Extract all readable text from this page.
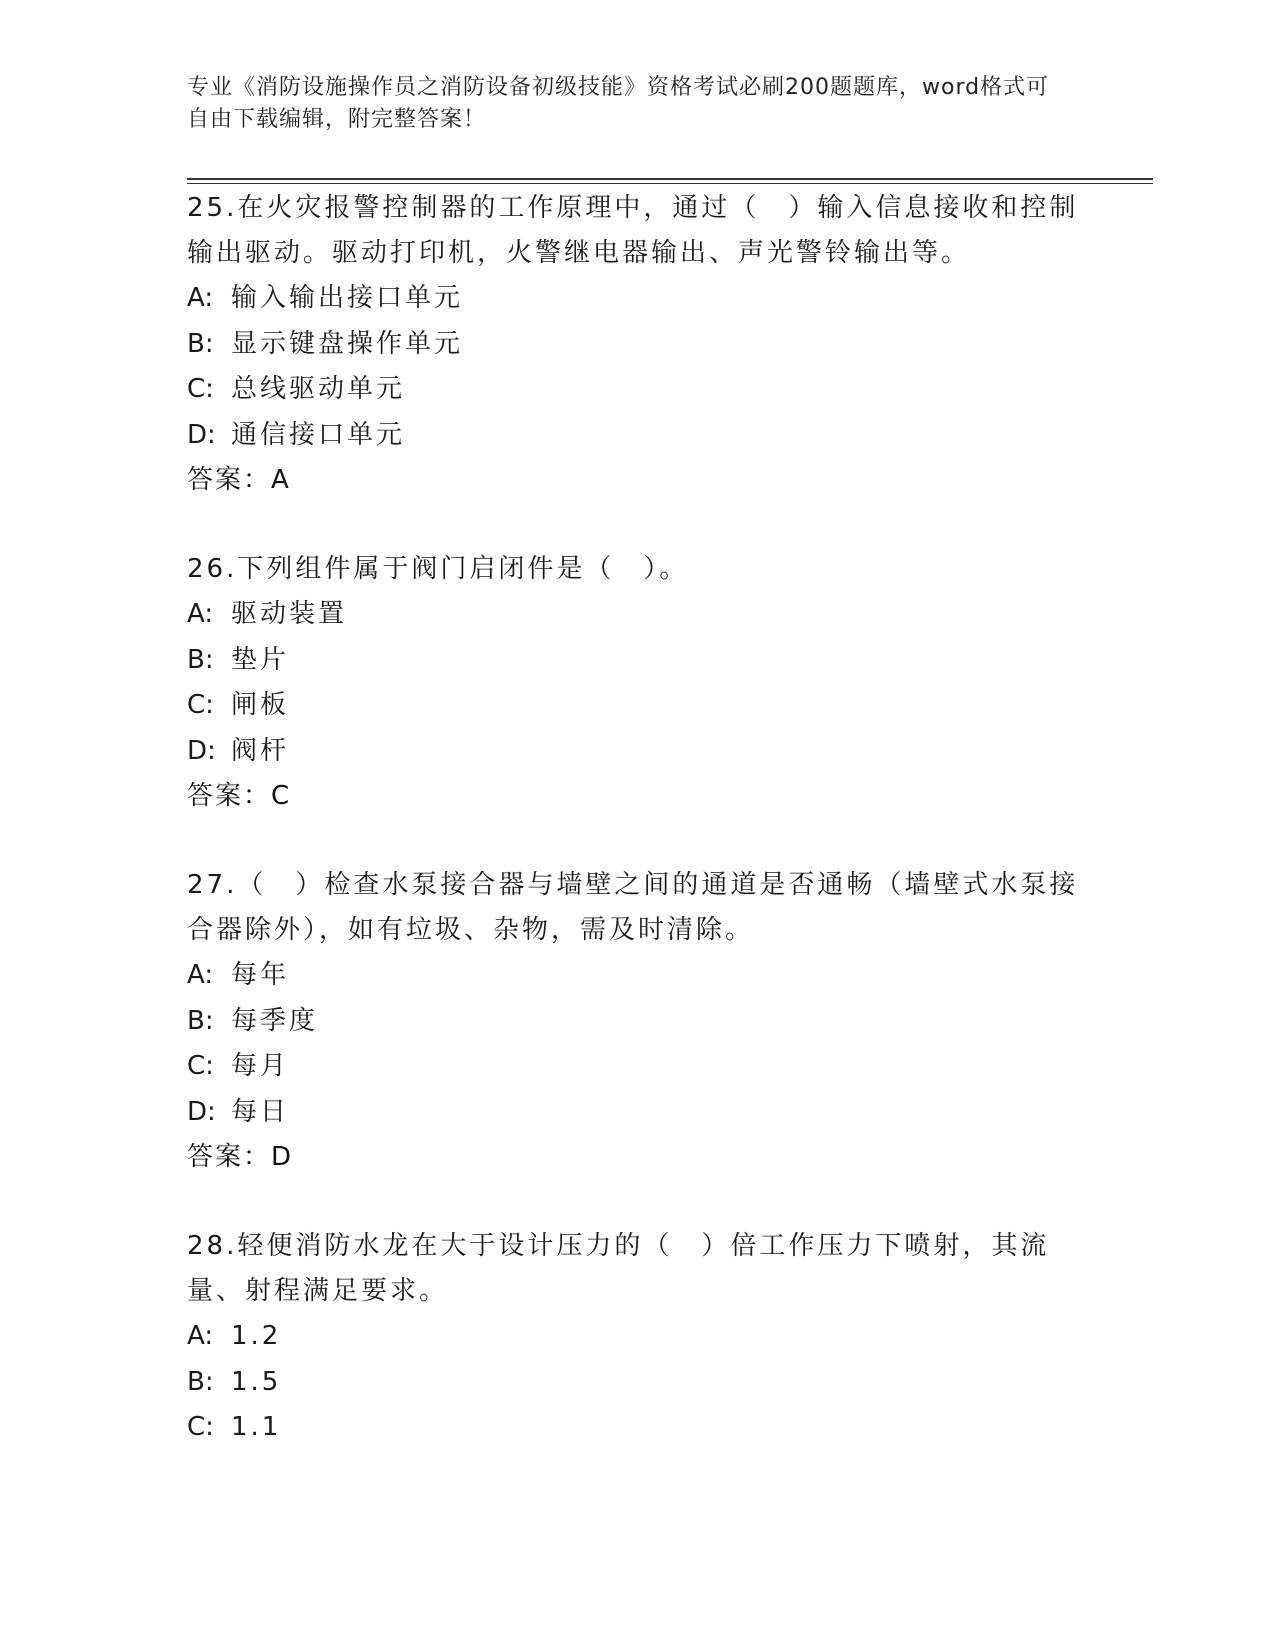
专业《消防设施操作员之消防设备初级技能》资格考试必刷200题题库，word格式可自由下载编辑，附完整答案！

25.在火灾报警控制器的工作原理中，通过（　）输入信息接收和控制输出驱动。驱动打印机，火警继电器输出、声光警铃输出等。

A: 输入输出接口单元

B: 显示键盘操作单元

C: 总线驱动单元

D: 通信接口单元

答案：A

26.下列组件属于阀门启闭件是（　）。

A: 驱动装置

B: 垫片

C: 闸板

D: 阀杆

答案：C

27.（　）检查水泵接合器与墙壁之间的通道是否通畅（墙壁式水泵接合器除外），如有垃圾、杂物，需及时清除。

A: 每年

B: 每季度

C: 每月

D: 每日

答案：D

28.轻便消防水龙在大于设计压力的（　）倍工作压力下喷射，其流量、射程满足要求。

A: 1.2

B: 1.5

C: 1.1
